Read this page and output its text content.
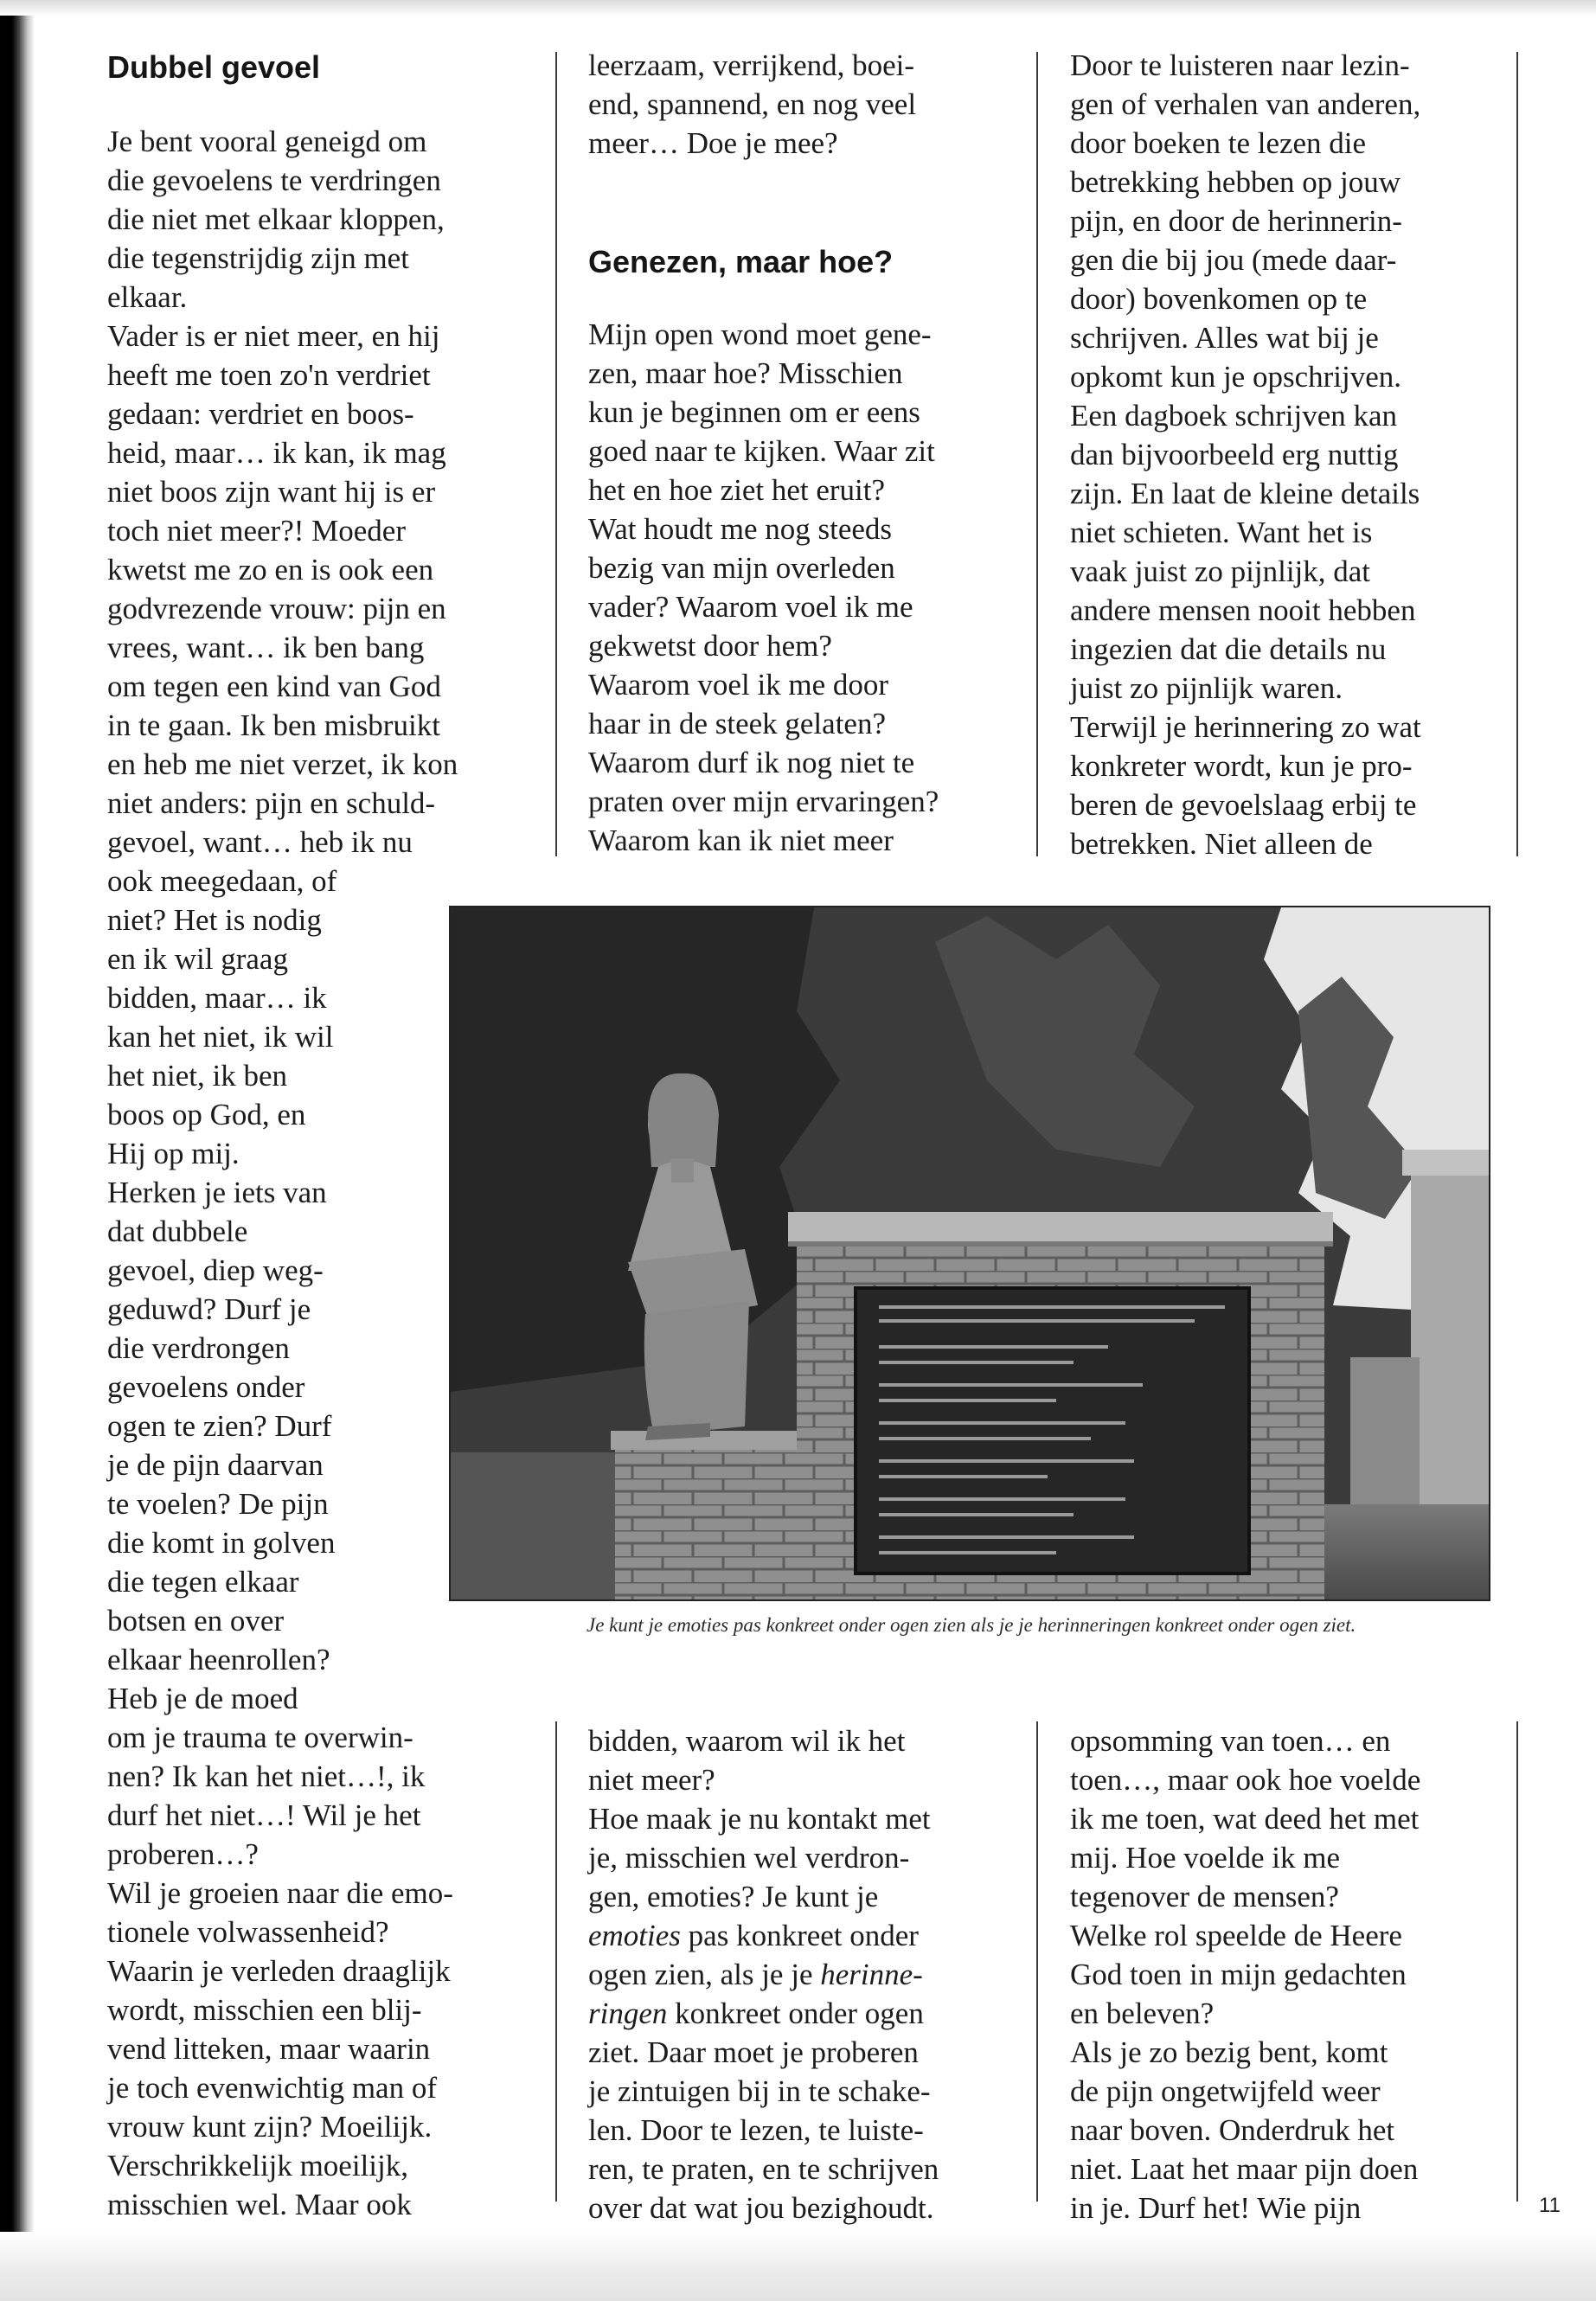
Dubbel gevoel
Je bent vooral geneigd om
die gevoelens te verdringen
die niet met elkaar kloppen,
die tegenstrijdig zijn met
elkaar.
Vader is er niet meer, en hij
heeft me toen zo'n verdriet
gedaan: verdriet en boos-
heid, maar… ik kan, ik mag
niet boos zijn want hij is er
toch niet meer?! Moeder
kwetst me zo en is ook een
godvrezende vrouw: pijn en
vrees, want… ik ben bang
om tegen een kind van God
in te gaan. Ik ben misbruikt
en heb me niet verzet, ik kon
niet anders: pijn en schuld-
gevoel, want… heb ik nu
ook meegedaan, of
niet? Het is nodig
en ik wil graag
bidden, maar… ik
kan het niet, ik wil
het niet, ik ben
boos op God, en
Hij op mij.
Herken je iets van
dat dubbele
gevoel, diep weg-
geduwd? Durf je
die verdrongen
gevoelens onder
ogen te zien? Durf
je de pijn daarvan
te voelen? De pijn
die komt in golven
die tegen elkaar
botsen en over
elkaar heenrollen?
Heb je de moed
om je trauma te overwin-
nen? Ik kan het niet…!, ik
durf het niet…! Wil je het
proberen…?
Wil je groeien naar die emo-
tionele volwassenheid?
Waarin je verleden draaglijk
wordt, misschien een blij-
vend litteken, maar waarin
je toch evenwichtig man of
vrouw kunt zijn? Moeilijk.
Verschrikkelijk moeilijk,
misschien wel. Maar ook
leerzaam, verrijkend, boei-
end, spannend, en nog veel
meer… Doe je mee?
Genezen, maar hoe?
Mijn open wond moet gene-
zen, maar hoe? Misschien
kun je beginnen om er eens
goed naar te kijken. Waar zit
het en hoe ziet het eruit?
Wat houdt me nog steeds
bezig van mijn overleden
vader? Waarom voel ik me
gekwetst door hem?
Waarom voel ik me door
haar in de steek gelaten?
Waarom durf ik nog niet te
praten over mijn ervaringen?
Waarom kan ik niet meer
Door te luisteren naar lezin-
gen of verhalen van anderen,
door boeken te lezen die
betrekking hebben op jouw
pijn, en door de herinnerin-
gen die bij jou (mede daar-
door) bovenkomen op te
schrijven. Alles wat bij je
opkomt kun je opschrijven.
Een dagboek schrijven kan
dan bijvoorbeeld erg nuttig
zijn. En laat de kleine details
niet schieten. Want het is
vaak juist zo pijnlijk, dat
andere mensen nooit hebben
ingezien dat die details nu
juist zo pijnlijk waren.
Terwijl je herinnering zo wat
konkreter wordt, kun je pro-
beren de gevoelslaag erbij te
betrekken. Niet alleen de

Je kunt je emoties pas konkreet onder ogen zien als je je herinneringen konkreet onder ogen ziet.

bidden, waarom wil ik het
niet meer?
Hoe maak je nu kontakt met
je, misschien wel verdron-
gen, emoties? Je kunt je
emoties pas konkreet onder
ogen zien, als je je herinne-
ringen konkreet onder ogen
ziet. Daar moet je proberen
je zintuigen bij in te schake-
len. Door te lezen, te luiste-
ren, te praten, en te schrijven
over dat wat jou bezighoudt.
opsomming van toen… en
toen…, maar ook hoe voelde
ik me toen, wat deed het met
mij. Hoe voelde ik me
tegenover de mensen?
Welke rol speelde de Heere
God toen in mijn gedachten
en beleven?
Als je zo bezig bent, komt
de pijn ongetwijfeld weer
naar boven. Onderdruk het
niet. Laat het maar pijn doen
in je. Durf het! Wie pijn	11
